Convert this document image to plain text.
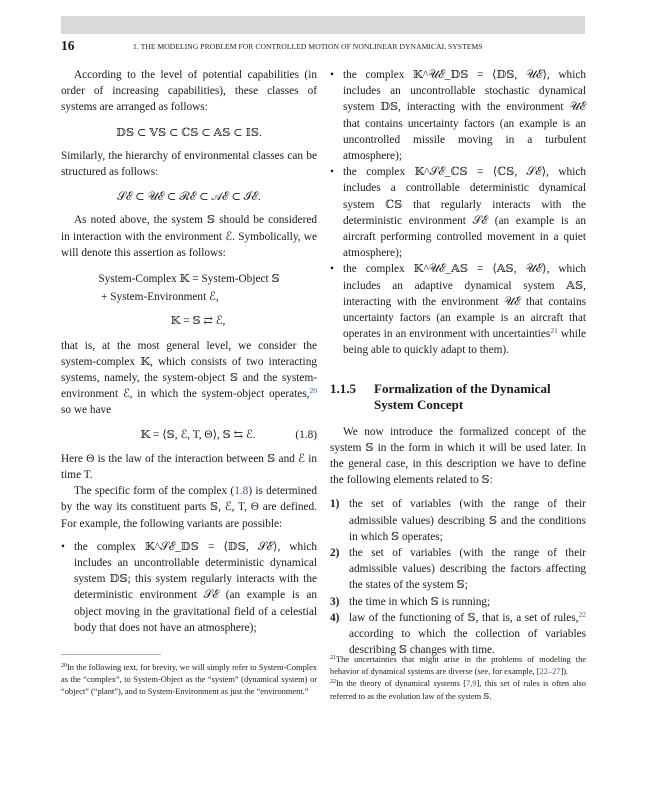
16	1. THE MODELING PROBLEM FOR CONTROLLED MOTION OF NONLINEAR DYNAMICAL SYSTEMS

According to the level of potential capabilities (in order of increasing capabilities), these classes of systems are arranged as follows:

𝔻𝕊 ⊂ 𝕍𝕊 ⊂ ℂ𝕊 ⊂ 𝔸𝕊 ⊂ 𝕀𝕊.

Similarly, the hierarchy of environmental classes can be structured as follows:

𝒮ℰ ⊂ 𝒰ℰ ⊂ ℛℰ ⊂ 𝒜ℰ ⊂ ℐℰ.

As noted above, the system 𝕊 should be considered in interaction with the environment ℰ. Symbolically, we will denote this assertion as follows:

System-Complex 𝕂 = System-Object 𝕊
+ System-Environment ℰ,
𝕂 = 𝕊 ⇄ ℰ,

that is, at the most general level, we consider the system-complex 𝕂, which consists of two interacting systems, namely, the system-object 𝕊 and the system-environment ℰ, in which the system-object operates,$^{20}$ so we have

𝕂 = ⟨𝕊, ℰ, T, Θ⟩, 𝕊 ⇆ ℰ.	(1.8)

Here Θ is the law of the interaction between 𝕊 and ℰ in time T.

The specific form of the complex (1.8) is determined by the way its constituent parts 𝕊, ℰ, T, Θ are defined. For example, the following variants are possible:

• the complex 𝕂^𝒮ℰ_𝔻𝕊 = ⟨𝔻𝕊, 𝒮ℰ⟩, which includes an uncontrollable deterministic dynamical system 𝔻𝕊; this system regularly interacts with the deterministic environment 𝒮ℰ (an example is an object moving in the gravitational field of a celestial body that does not have an atmosphere);
• the complex 𝕂^𝒰ℰ_𝔻𝕊 = ⟨𝔻𝕊, 𝒰ℰ⟩, which includes an uncontrollable stochastic dynamical system 𝔻𝕊, interacting with the environment 𝒰ℰ that contains uncertainty factors (an example is an uncontrolled missile moving in a turbulent atmosphere);
• the complex 𝕂^𝒮ℰ_ℂ𝕊 = ⟨ℂ𝕊, 𝒮ℰ⟩, which includes a controllable deterministic dynamical system ℂ𝕊 that regularly interacts with the deterministic environment 𝒮ℰ (an example is an aircraft performing controlled movement in a quiet atmosphere);
• the complex 𝕂^𝒰ℰ_𝔸𝕊 = ⟨𝔸𝕊, 𝒰ℰ⟩, which includes an adaptive dynamical system 𝔸𝕊, interacting with the environment 𝒰ℰ that contains uncertainty factors (an example is an aircraft that operates in an environment with uncertainties$^{21}$ while being able to quickly adapt to them).
1.1.5	Formalization of the Dynamical System Concept

We now introduce the formalized concept of the system 𝕊 in the form in which it will be used later. In the general case, in this description we have to define the following elements related to 𝕊:

1) the set of variables (with the range of their admissible values) describing 𝕊 and the conditions in which 𝕊 operates;
2) the set of variables (with the range of their admissible values) describing the factors affecting the states of the system 𝕊;
3) the time in which 𝕊 is running;
4) law of the functioning of 𝕊, that is, a set of rules,$^{22}$ according to which the collection of variables describing 𝕊 changes with time.
$^{20}$In the following text, for brevity, we will simply refer to System-Complex as the “complex”, to System-Object as the “system” (dynamical system) or “object” (“plant”), and to System-Environment as just the “environment.”
$^{21}$The uncertainties that might arise in the problems of modeling the behavior of dynamical systems are diverse (see, for example, [22–27]).
$^{22}$In the theory of dynamical systems [7,9], this set of rules is often also referred to as the evolution law of the system 𝕊.
